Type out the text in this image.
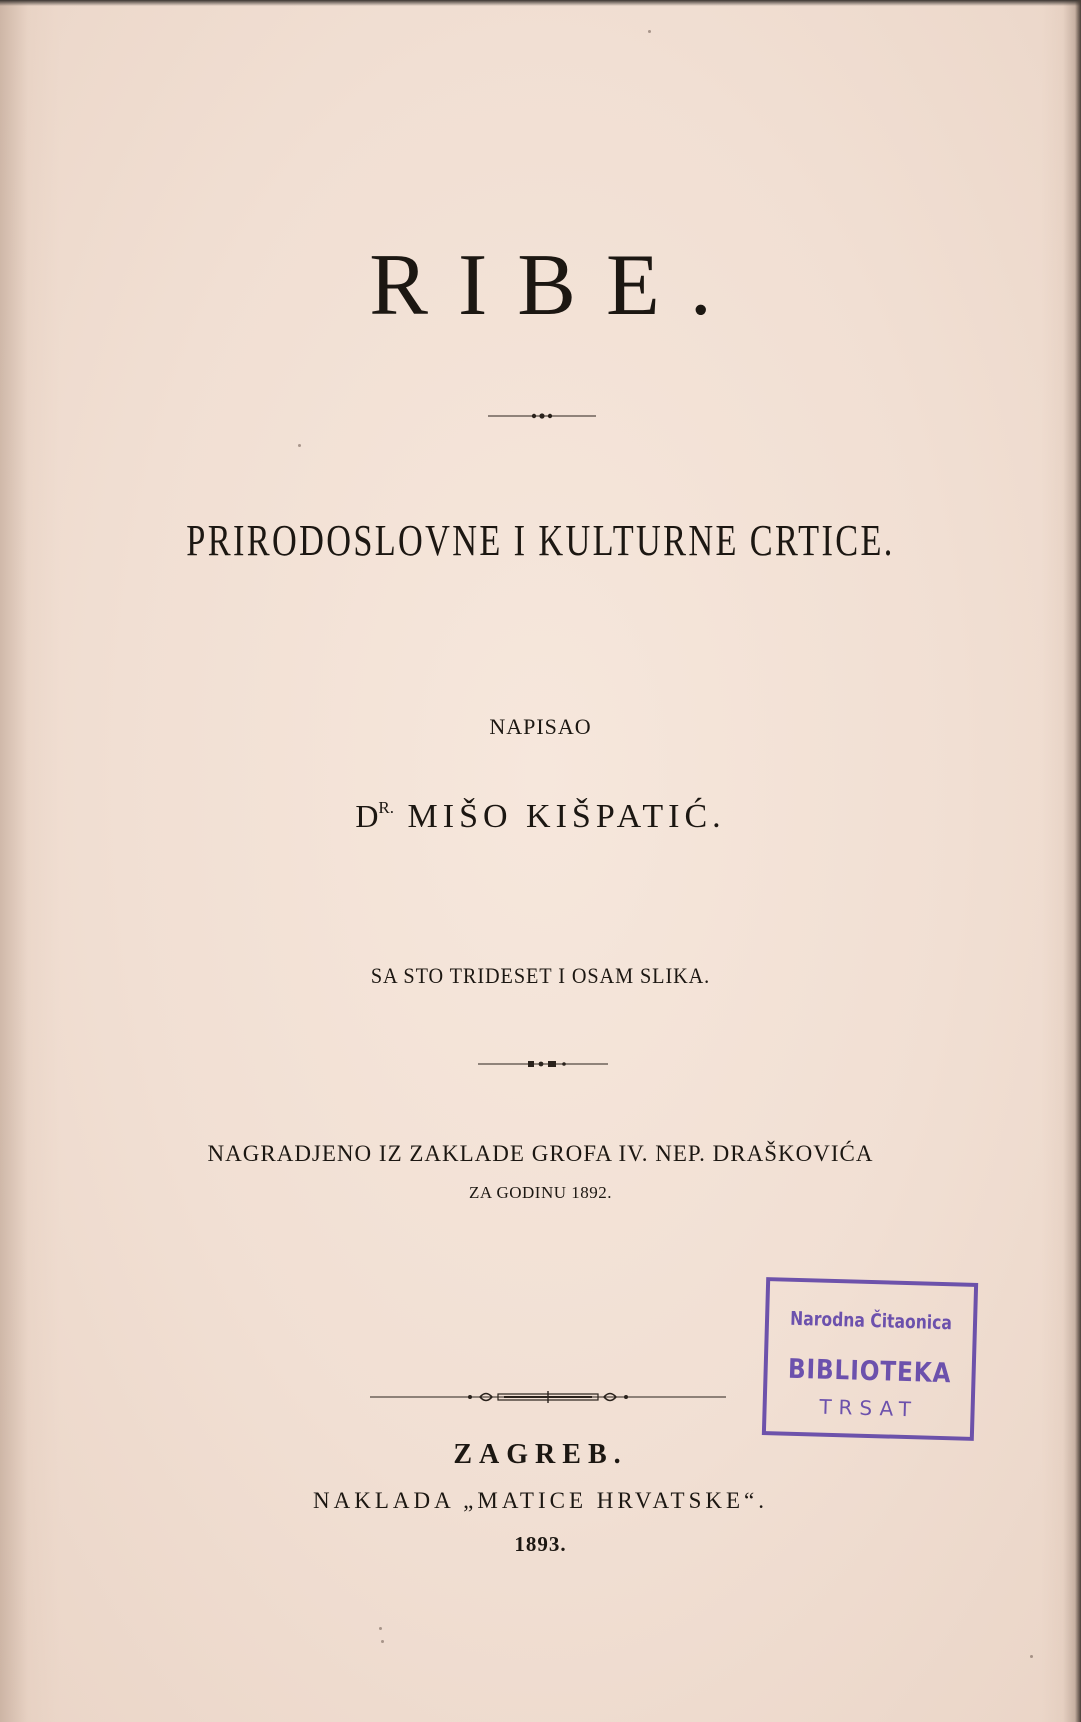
RIBE.
PRIRODOSLOVNE I KULTURNE CRTICE.
NAPISAO
$D^{R.}$ MIŠO KIŠPATIĆ.
SA STO TRIDESET I OSAM SLIKA.
NAGRADJENO IZ ZAKLADE GROFA IV. NEP. DRAŠKOVIĆA
ZA GODINU 1892.
ZAGREB.
NAKLADA „MATICE HRVATSKE“.
1893.
Narodna Čitaonica
BIBLIOTEKA
TRSAT
